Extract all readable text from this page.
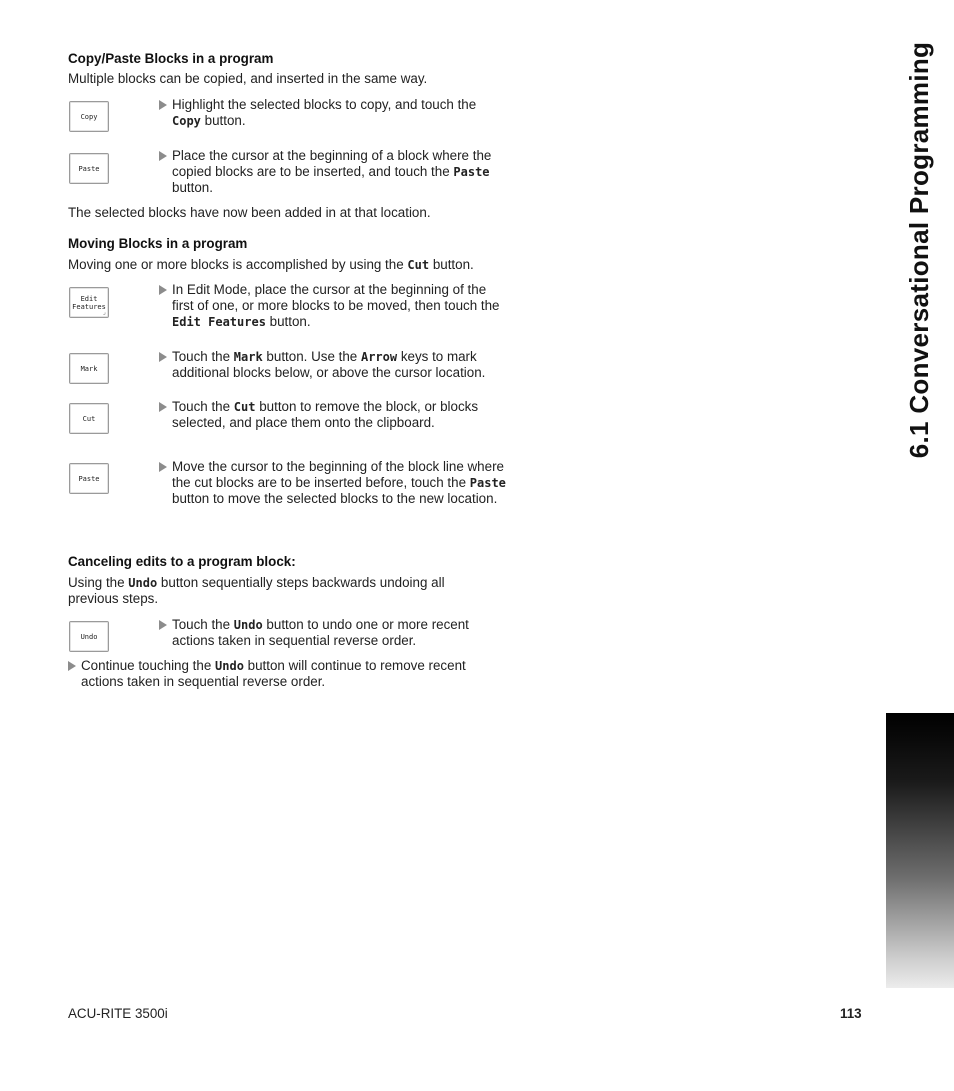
6.1 Conversational Programming
Copy/Paste Blocks in a program
Multiple blocks can be copied, and inserted in the same way.
Copy
Highlight the selected blocks to copy, and touch the
Copy button.
Paste
Place the cursor at the beginning of a block where the copied blocks are to be inserted, and touch the Paste button.
The selected blocks have now been added in at that location.
Moving Blocks in a program
Moving one or more blocks is accomplished by using the Cut button.
Edit
Features
⌟
In Edit Mode, place the cursor at the beginning of the first of one, or more blocks to be moved, then touch the Edit Features button.
Mark
Touch the Mark button. Use the Arrow keys to mark additional blocks below, or above the cursor location.
Cut
Touch the Cut button to remove the block, or blocks selected, and place them onto the clipboard.
Paste
Move the cursor to the beginning of the block line where the cut blocks are to be inserted before, touch the Paste button to move the selected blocks to the new location.
Canceling edits to a program block:
Using the Undo button sequentially steps backwards undoing all previous steps.
Undo
Touch the Undo button to undo one or more recent actions taken in sequential reverse order.
Continue touching the Undo button will continue to remove recent actions taken in sequential reverse order.
ACU-RITE 3500i	113
